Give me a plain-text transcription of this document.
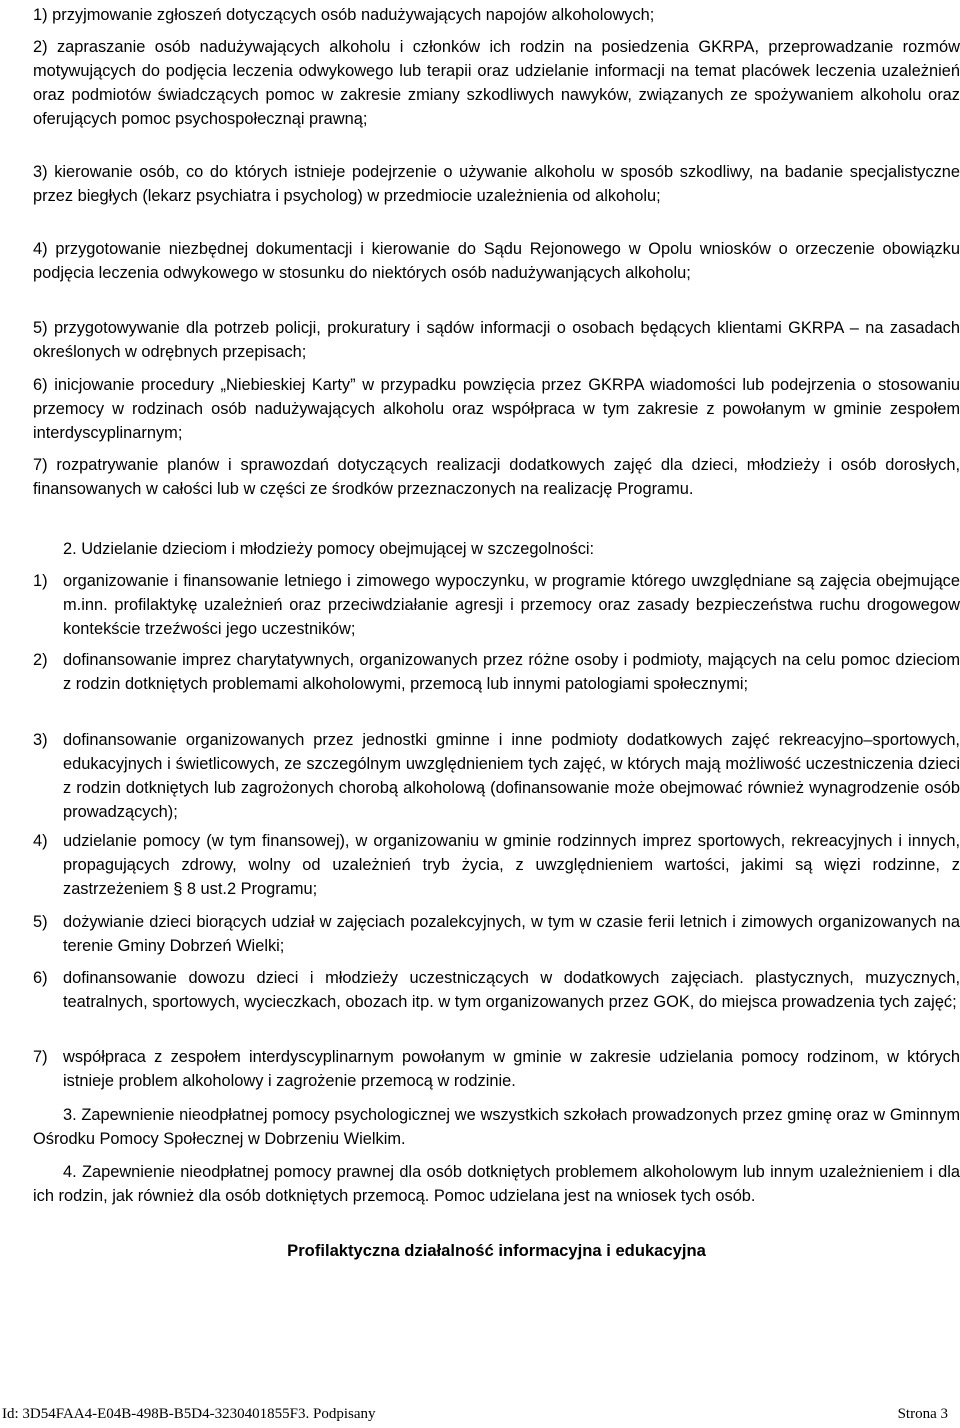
1) przyjmowanie zgłoszeń dotyczących osób nadużywających napojów alkoholowych;

2) zapraszanie osób nadużywających alkoholu i członków ich rodzin na posiedzenia GKRPA, przeprowadzanie rozmów motywujących do podjęcia leczenia odwykowego lub terapii oraz udzielanie informacji na temat placówek leczenia uzależnień oraz podmiotów świadczących pomoc w zakresie zmiany szkodliwych nawyków, związanych ze spożywaniem alkoholu oraz oferujących pomoc psychospołecznąi prawną;

3) kierowanie osób, co do których istnieje podejrzenie o używanie alkoholu w sposób szkodliwy, na badanie specjalistyczne przez biegłych (lekarz psychiatra i psycholog) w przedmiocie uzależnienia od alkoholu;

4) przygotowanie niezbędnej dokumentacji i kierowanie do Sądu Rejonowego w Opolu wniosków o orzeczenie obowiązku podjęcia leczenia odwykowego w stosunku do niektórych osób nadużywanjących alkoholu;

5) przygotowywanie dla potrzeb policji, prokuratury i sądów informacji o osobach będących klientami GKRPA – na zasadach określonych w odrębnych przepisach;

6) inicjowanie procedury „Niebieskiej Karty” w przypadku powzięcia przez GKRPA wiadomości lub podejrzenia o stosowaniu przemocy w rodzinach osób nadużywających alkoholu oraz współpraca w tym zakresie z powołanym w gminie zespołem interdyscyplinarnym;

7) rozpatrywanie planów i sprawozdań dotyczących realizacji dodatkowych zajęć dla dzieci, młodzieży i osób dorosłych, finansowanych w całości lub w części ze środków przeznaczonych na realizację Programu.

2. Udzielanie dzieciom i młodzieży pomocy obejmującej w szczegolności:

1) organizowanie i finansowanie letniego i zimowego wypoczynku, w programie którego uwzględniane są zajęcia obejmujące m.inn. profilaktykę uzależnień oraz przeciwdziałanie agresji i przemocy oraz zasady bezpieczeństwa ruchu drogowegow kontekście trzeźwości jego uczestników;
2) dofinansowanie imprez charytatywnych, organizowanych przez różne osoby i podmioty, mających na celu pomoc dzieciom z rodzin dotkniętych problemami alkoholowymi, przemocą lub innymi patologiami społecznymi;
3) dofinansowanie organizowanych przez jednostki gminne i inne podmioty dodatkowych zajęć rekreacyjno–sportowych, edukacyjnych i świetlicowych, ze szczególnym uwzględnieniem tych zajęć, w których mają możliwość uczestniczenia dzieci z rodzin dotkniętych lub zagrożonych chorobą alkoholową (dofinansowanie może obejmować również wynagrodzenie osób prowadzących);
4) udzielanie pomocy (w tym finansowej), w organizowaniu w gminie rodzinnych imprez sportowych, rekreacyjnych i innych, propagujących zdrowy, wolny od uzależnień tryb życia, z uwzględnieniem wartości, jakimi są więzi rodzinne, z zastrzeżeniem § 8 ust.2 Programu;
5) dożywianie dzieci biorących udział w zajęciach pozalekcyjnych, w tym w czasie ferii letnich i zimowych organizowanych na terenie Gminy Dobrzeń Wielki;
6) dofinansowanie dowozu dzieci i młodzieży uczestniczących w dodatkowych zajęciach. plastycznych, muzycznych, teatralnych, sportowych, wycieczkach, obozach itp. w tym organizowanych przez GOK, do miejsca prowadzenia tych zajęć;
7) współpraca z zespołem interdyscyplinarnym powołanym w gminie w zakresie udzielania pomocy rodzinom, w których istnieje problem alkoholowy i zagrożenie przemocą w rodzinie.

3. Zapewnienie nieodpłatnej pomocy psychologicznej we wszystkich szkołach prowadzonych przez gminę oraz w Gminnym Ośrodku Pomocy Społecznej w Dobrzeniu Wielkim.

4. Zapewnienie nieodpłatnej pomocy prawnej dla osób dotkniętych problemem alkoholowym lub innym uzależnieniem i dla ich rodzin, jak również dla osób dotkniętych przemocą. Pomoc udzielana jest na wniosek tych osób.

Profilaktyczna działalność informacyjna i edukacyjna
Id: 3D54FAA4-E04B-498B-B5D4-3230401855F3. Podpisany	Strona 3
